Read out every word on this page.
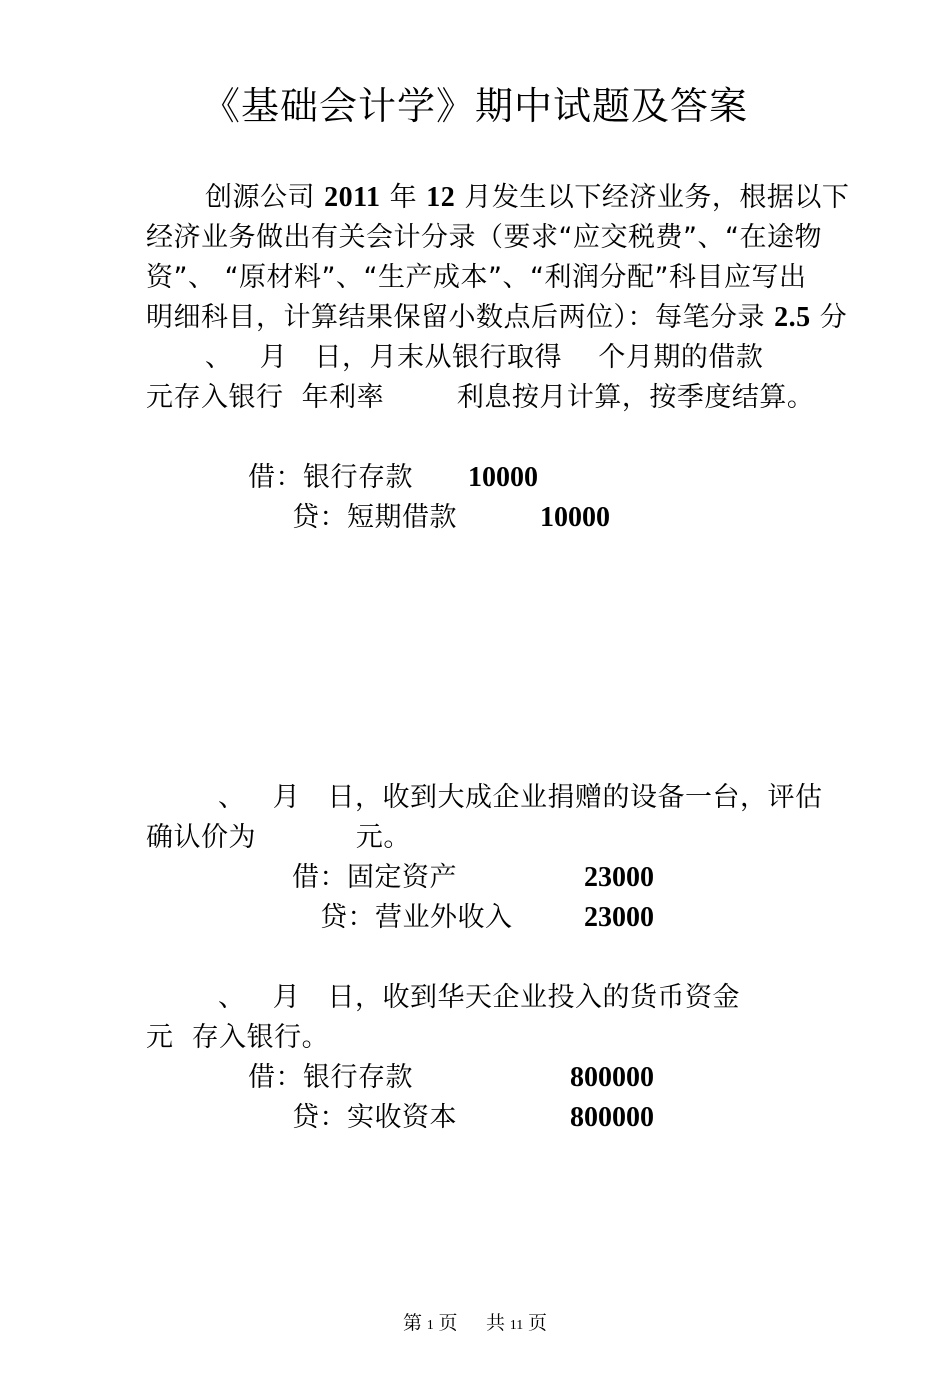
《基础会计学》期中试题及答案
创源公司 2011 年 12 月发生以下经济业务，根据以下
经济业务做出有关会计分录（要求“应交税费”、“在途物
资”、 “原材料”、“生产成本”、“利润分配”科目应写出
明细科目，计算结果保留小数点后两位）：每笔分录 2.5 分
、   月   日，月末从银行取得    个月期的借款
元存入银行  年利率        利息按月计算，按季度结算。
借：银行存款 10000
贷：短期借款	10000
、   月   日，收到大成企业捐赠的设备一台，评估
确认价为           元。
借：固定资产	23000
贷：营业外收入	23000
、   月   日，收到华天企业投入的货币资金
元  存入银行。
借：银行存款	800000
贷：实收资本	800000
第 1 页 共 11 页
